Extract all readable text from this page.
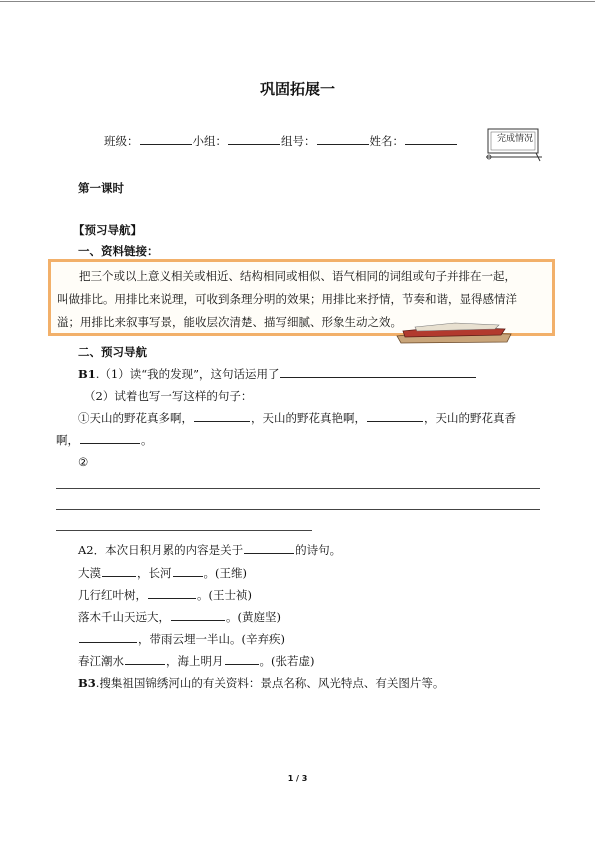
巩固拓展一
班级：	小组：	组号：	姓名：	完成情况
第一课时
【预习导航】
一、资料链接：
把三个或以上意义相关或相近、结构相同或相似、语气相同的词组或句子并排在一起，
叫做排比。用排比来说理，可收到条理分明的效果；用排比来抒情，节奏和谐，显得感情洋
溢；用排比来叙事写景，能收层次清楚、描写细腻、形象生动之效。
二、预习导航
B1.（1）读“我的发现”，这句话运用了
（2）试着也写一写这样的句子：
①天山的野花真多啊，	，天山的野花真艳啊，	，天山的野花真香
啊，	。
②
A2．本次日积月累的内容是关于	的诗句。
大漠	，长河	。(王维)
几行红叶树，	。(王士祯)
落木千山天远大，	。(黄庭坚)
，带雨云埋一半山。(辛弃疾)
春江潮水	，海上明月	。(张若虚)
B3.搜集祖国锦绣河山的有关资料：景点名称、风光特点、有关图片等。
1 / 3
